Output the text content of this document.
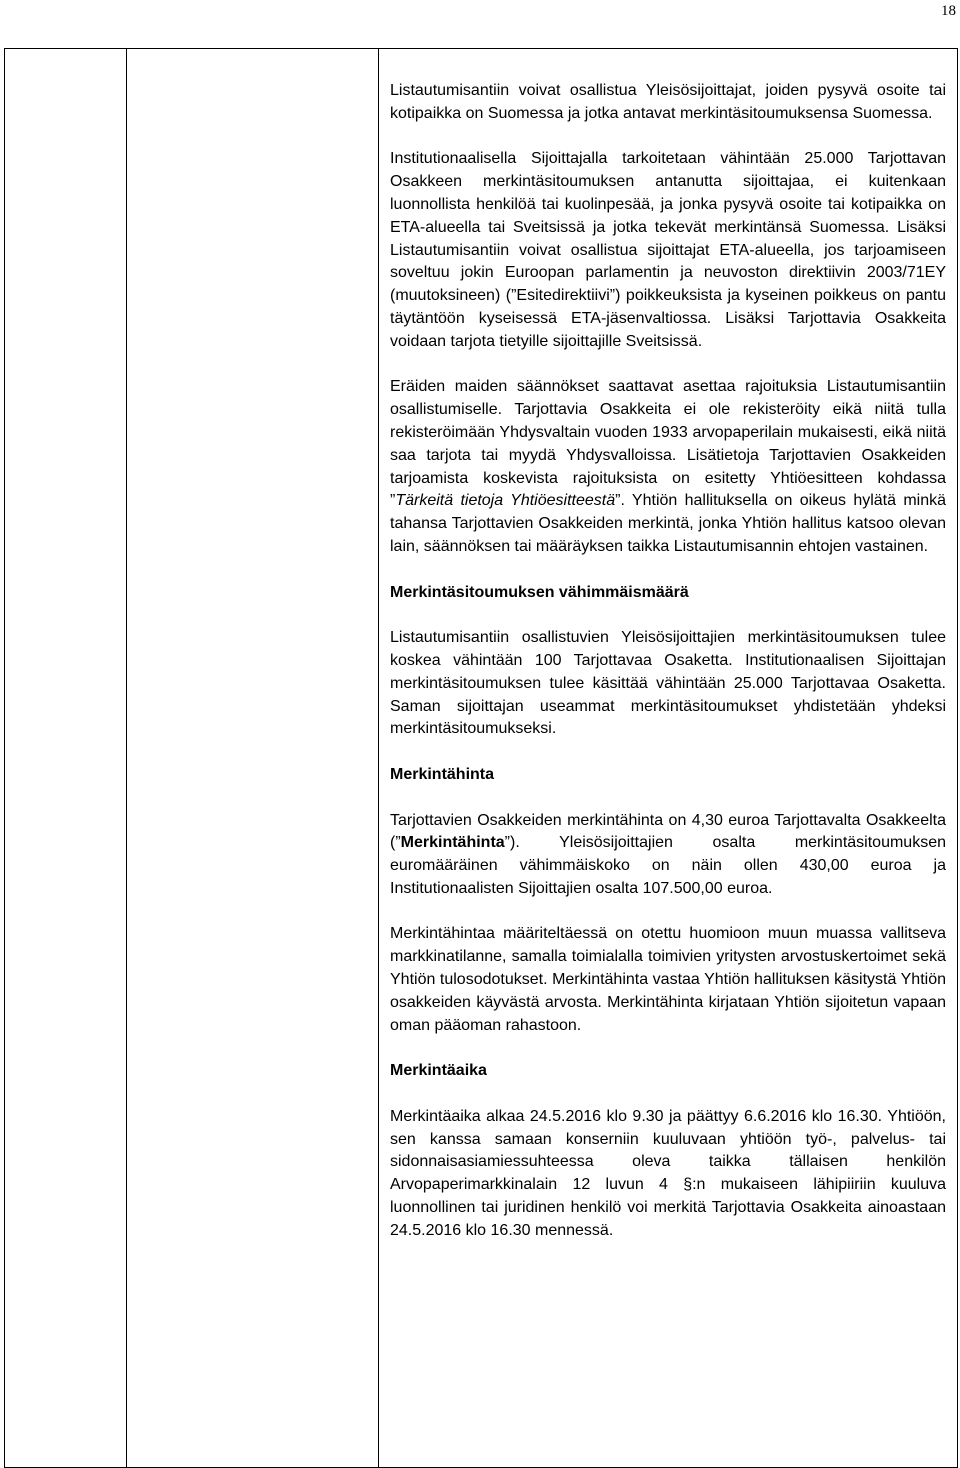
18

Listautumisantiin voivat osallistua Yleisösijoittajat, joiden pysyvä osoite tai kotipaikka on Suomessa ja jotka antavat merkintäsitoumuksensa Suomessa.

Institutionaalisella Sijoittajalla tarkoitetaan vähintään 25.000 Tarjottavan Osakkeen merkintäsitoumuksen antanutta sijoittajaa, ei kuitenkaan luonnollista henkilöä tai kuolinpesää, ja jonka pysyvä osoite tai kotipaikka on ETA-alueella tai Sveitsissä ja jotka tekevät merkintänsä Suomessa. Lisäksi Listautumisantiin voivat osallistua sijoittajat ETA-alueella, jos tarjoamiseen soveltuu jokin Euroopan parlamentin ja neuvoston direktiivin 2003/71EY (muutoksineen) (”Esitedirektiivi”) poikkeuksista ja kyseinen poikkeus on pantu täytäntöön kyseisessä ETA-jäsenvaltiossa. Lisäksi Tarjottavia Osakkeita voidaan tarjota tietyille sijoittajille Sveitsissä.

Eräiden maiden säännökset saattavat asettaa rajoituksia Listautumisantiin osallistumiselle. Tarjottavia Osakkeita ei ole rekisteröity eikä niitä tulla rekisteröimään Yhdysvaltain vuoden 1933 arvopaperilain mukaisesti, eikä niitä saa tarjota tai myydä Yhdysvalloissa. Lisätietoja Tarjottavien Osakkeiden tarjoamista koskevista rajoituksista on esitetty Yhtiöesitteen kohdassa ”Tärkeitä tietoja Yhtiöesitteestä”. Yhtiön hallituksella on oikeus hylätä minkä tahansa Tarjottavien Osakkeiden merkintä, jonka Yhtiön hallitus katsoo olevan lain, säännöksen tai määräyksen taikka Listautumisannin ehtojen vastainen.

Merkintäsitoumuksen vähimmäismäärä

Listautumisantiin osallistuvien Yleisösijoittajien merkintäsitoumuksen tulee koskea vähintään 100 Tarjottavaa Osaketta. Institutionaalisen Sijoittajan merkintäsitoumuksen tulee käsittää vähintään 25.000 Tarjottavaa Osaketta. Saman sijoittajan useammat merkintäsitoumukset yhdistetään yhdeksi merkintäsitoumukseksi.

Merkintähinta

Tarjottavien Osakkeiden merkintähinta on 4,30 euroa Tarjottavalta Osakkeelta (”Merkintähinta”). Yleisösijoittajien osalta merkintäsitoumuksen euromääräinen vähimmäiskoko on näin ollen 430,00 euroa ja Institutionaalisten Sijoittajien osalta 107.500,00 euroa.

Merkintähintaa määriteltäessä on otettu huomioon muun muassa vallitseva markkinatilanne, samalla toimialalla toimivien yritysten arvostuskertoimet sekä Yhtiön tulosodotukset. Merkintähinta vastaa Yhtiön hallituksen käsitystä Yhtiön osakkeiden käyvästä arvosta. Merkintähinta kirjataan Yhtiön sijoitetun vapaan oman pääoman rahastoon.

Merkintäaika

Merkintäaika alkaa 24.5.2016 klo 9.30 ja päättyy 6.6.2016 klo 16.30. Yhtiöön, sen kanssa samaan konserniin kuuluvaan yhtiöön työ-, palvelus- tai sidonnaisasiamiessuhteessa oleva taikka tällaisen henkilön Arvopaperimarkkinalain 12 luvun 4 §:n mukaiseen lähipiiriin kuuluva luonnollinen tai juridinen henkilö voi merkitä Tarjottavia Osakkeita ainoastaan 24.5.2016 klo 16.30 mennessä.
